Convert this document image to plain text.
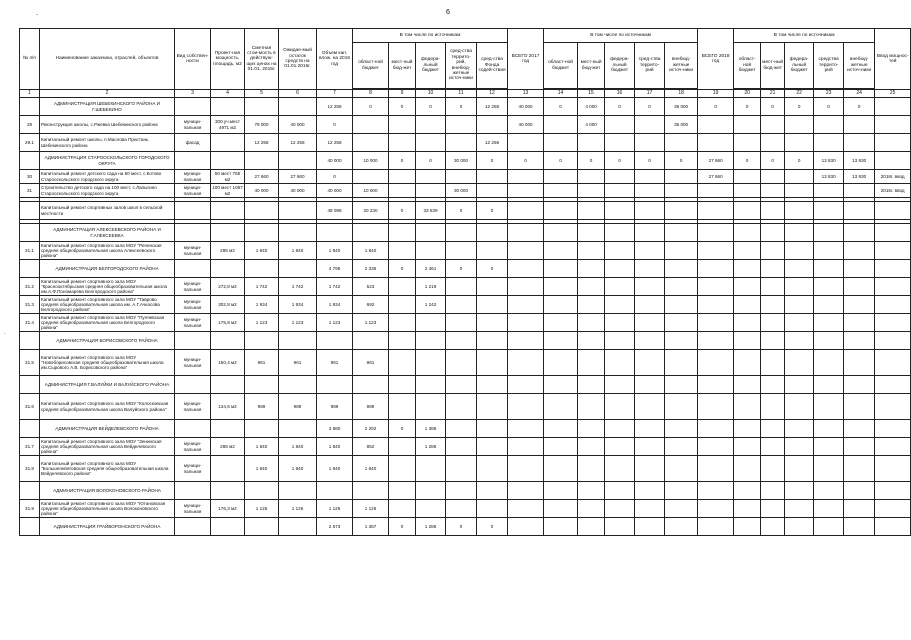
6
-
.
№ п/п	Наименование заказчика, отраслей, объектов	Вид собствен-ности	Проект-ная мощность, площадь, м2	Сметная стои-мость в действую-щих ценах на 01.01. 2015г.	Ожидае-мый остаток средств на 01.01.2016г.	Объем кап. влож. на 2016 год	В том числе по источникам					ВСЕГО 2017 год	В том числе по источникам					ВСЕГО 2018 год	В том числе по источникам					Ввод мощнос-тей	
							област-ной бюджет	мест-ный бюд-жет	федера-льный бюджет	сред-ства террито-рий, внебюд-жетные источ-ники	сред-ства Фонда содей-ствия		област-ной бюджет	мест-ный бюд-жет	федера-льный бюджет	сред-ства террито-рий	внебюд-жетные источ-ники		област-ной бюджет	мест-ный бюд-жет	федера-льный бюджет	средства террито-рий	внебюд-жетные источ-ники		

1	2	3	4	5	6	7	8	9	10	11	12	13	14	15	16	17	18	19	20	21	22	23	24	25	
	АДМИНИСТРАЦИЯ ШЕБЕКИНСКОГО РАЙОНА И Г.ШЕБЕКИНО					12 258	0	0	0	0	12 258	40 000	0	4 000	0	0	36 000	0	0	0	0	0	0		
29	Реконструкция школы, с.Ржевка Шебекинского района	муници-пальная	300 уч.мест 4971 м2	79 000	40 000	0						40 000		4 000			36 000								
29.1	Капитальный ремонт школы, п.Маслова Пристань Шебекинского района	фасад		12 258	12 258	12 258					12 258														
	АДМИНИСТРАЦИЯ СТАРООСКОЛЬСКОГО ГОРОДСКОГО ОКРУГА					40 000	10 000	0	0	30 000	0	0	0	0	0	0	0	27 660	0	0	0	13 830	13 830		
30	Капитальный ремонт детского сада на 50 мест, с.Котово Старооскольского городского округа	муници-пальная	50 мест 755 м2	27 660	27 660	0												27 660				13 830	13 830	2018г. ввод	
31	Строительство детского сада на 100 мест, с.Лапыгино Старооскольского городского округа	муници-пальная	100 мест 1067 м2	40 000	40 000	40 000	10 000			30 000														2016г. ввод	

	Капитальный ремонт спортивных залов школ в сельской местности					48 098	20 230	0	33 539	0	0														

	АДМИНИСТРАЦИЯ АЛЕКСЕЕВСКОГО РАЙОНА И Г.АЛЕКСЕЕВКА																								
31.1	Капитальный ремонт спортивного зала МОУ "Репенская средняя общеобразовательная школа Алексеевского района"	муници-пальная	288 м2	1 840	1 840	1 840	1 840																		
	АДМИНИСТРАЦИЯ БЕЛГОРОДСКОГО РАЙОНА					4 795	2 335	0	2 461	0	0														
31.2	Капитальный ремонт спортивного зала МОУ "Краснооктябрьская средняя общеобразовательная школа им.А.Ф.Пономарева Белгородского района"	муници-пальная	272,8 м2	1 742	1 742	1 742	523		1 219																
31.3	Капитальный ремонт спортивного зала МОУ "Таврово средняя общеобразовательная школа им. А.Г.Ачкасова Белгородского района"	муници-пальная	302,8 м2	1 934	1 934	1 934	692		1 242																
31.4	Капитальный ремонт спортивного зала МОУ "Пуляевская средняя общеобразовательная школа Белгородского района"	муници-пальная	175,8 м2	1 123	1 123	1 123	1 123																		
	АДМИНИСТРАЦИЯ БОРИСОВСКОГО РАЙОНА																								
31.5	Капитальный ремонт спортивного зала МОУ "Новоборисовская средняя общеобразовательная школа им.Сырового А.В. Борисовского района"	муници-пальная	150,4 м2	961	961	961	961																		
	АДМИНИСТРАЦИЯ Г.ВАЛУЙКИ И ВАЛУЙСКОГО РАЙОНА																								
31.6	Капитальный ремонт спортивного зала МОУ "Колосковская средняя общеобразовательная школа Валуйского района"	муници-пальная	134,6 м2	989	989	989	989																		
	АДМИНИСТРАЦИЯ ВЕЙДЕЛЕВСКОГО РАЙОНА					3 680	2 292	0	1 388																
31.7	Капитальный ремонт спортивного зала МОУ "Зенинская средняя общеобразовательная школа Вейделевского района"	муници-пальная	288 м2	1 840	1 840	1 840	852		1 288																
31.8	Капитальный ремонт спортивного зала МОУ "Большелипяговская средняя общеобразовательная школа Вейделевского района"	муници-пальная		1 840	1 840	1 840	1 840																		
	АДМИНИСТРАЦИЯ ВОЛОКОНОВСКОГО РАЙОНА																								
31.9	Капитальный ремонт спортивного зала МОУ "Ютановская средняя общеобразовательная школа Волоконовского района"	муници-пальная	176,3 м2	1 126	1 126	1 126	1 126																		
	АДМИНИСТРАЦИЯ ГРАЙВОРОНСКОГО РАЙОНА					2 573	1 387	0	1 288	0	0														
